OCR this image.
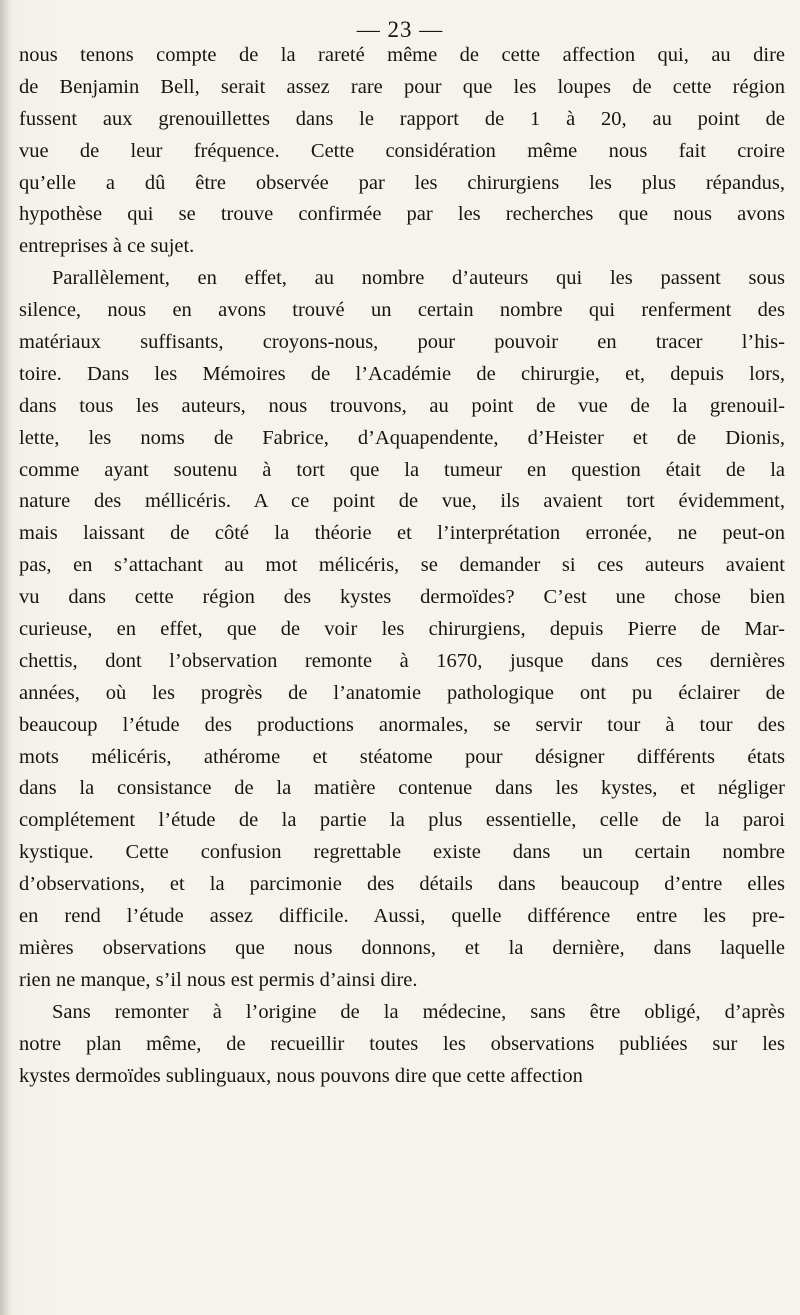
— 23 —
nous tenons compte de la rareté même de cette affection qui, au dire
de Benjamin Bell, serait assez rare pour que les loupes de cette région
fussent aux grenouillettes dans le rapport de 1 à 20, au point de
vue de leur fréquence. Cette considération même nous fait croire
qu’elle a dû être observée par les chirurgiens les plus répandus,
hypothèse qui se trouve confirmée par les recherches que nous avons
entreprises à ce sujet.
Parallèlement, en effet, au nombre d’auteurs qui les passent sous
silence, nous en avons trouvé un certain nombre qui renferment des
matériaux suffisants, croyons-nous, pour pouvoir en tracer l’his-
toire. Dans les Mémoires de l’Académie de chirurgie, et, depuis lors,
dans tous les auteurs, nous trouvons, au point de vue de la grenouil-
lette, les noms de Fabrice, d’Aquapendente, d’Heister et de Dionis,
comme ayant soutenu à tort que la tumeur en question était de la
nature des méllicéris. A ce point de vue, ils avaient tort évidemment,
mais laissant de côté la théorie et l’interprétation erronée, ne peut-on
pas, en s’attachant au mot mélicéris, se demander si ces auteurs avaient
vu dans cette région des kystes dermoïdes? C’est une chose bien
curieuse, en effet, que de voir les chirurgiens, depuis Pierre de Mar-
chettis, dont l’observation remonte à 1670, jusque dans ces dernières
années, où les progrès de l’anatomie pathologique ont pu éclairer de
beaucoup l’étude des productions anormales, se servir tour à tour des
mots mélicéris, athérome et stéatome pour désigner différents états
dans la consistance de la matière contenue dans les kystes, et négliger
complétement l’étude de la partie la plus essentielle, celle de la paroi
kystique. Cette confusion regrettable existe dans un certain nombre
d’observations, et la parcimonie des détails dans beaucoup d’entre elles
en rend l’étude assez difficile. Aussi, quelle différence entre les pre-
mières observations que nous donnons, et la dernière, dans laquelle
rien ne manque, s’il nous est permis d’ainsi dire.
Sans remonter à l’origine de la médecine, sans être obligé, d’après
notre plan même, de recueillir toutes les observations publiées sur les
kystes dermoïdes sublinguaux, nous pouvons dire que cette affection
